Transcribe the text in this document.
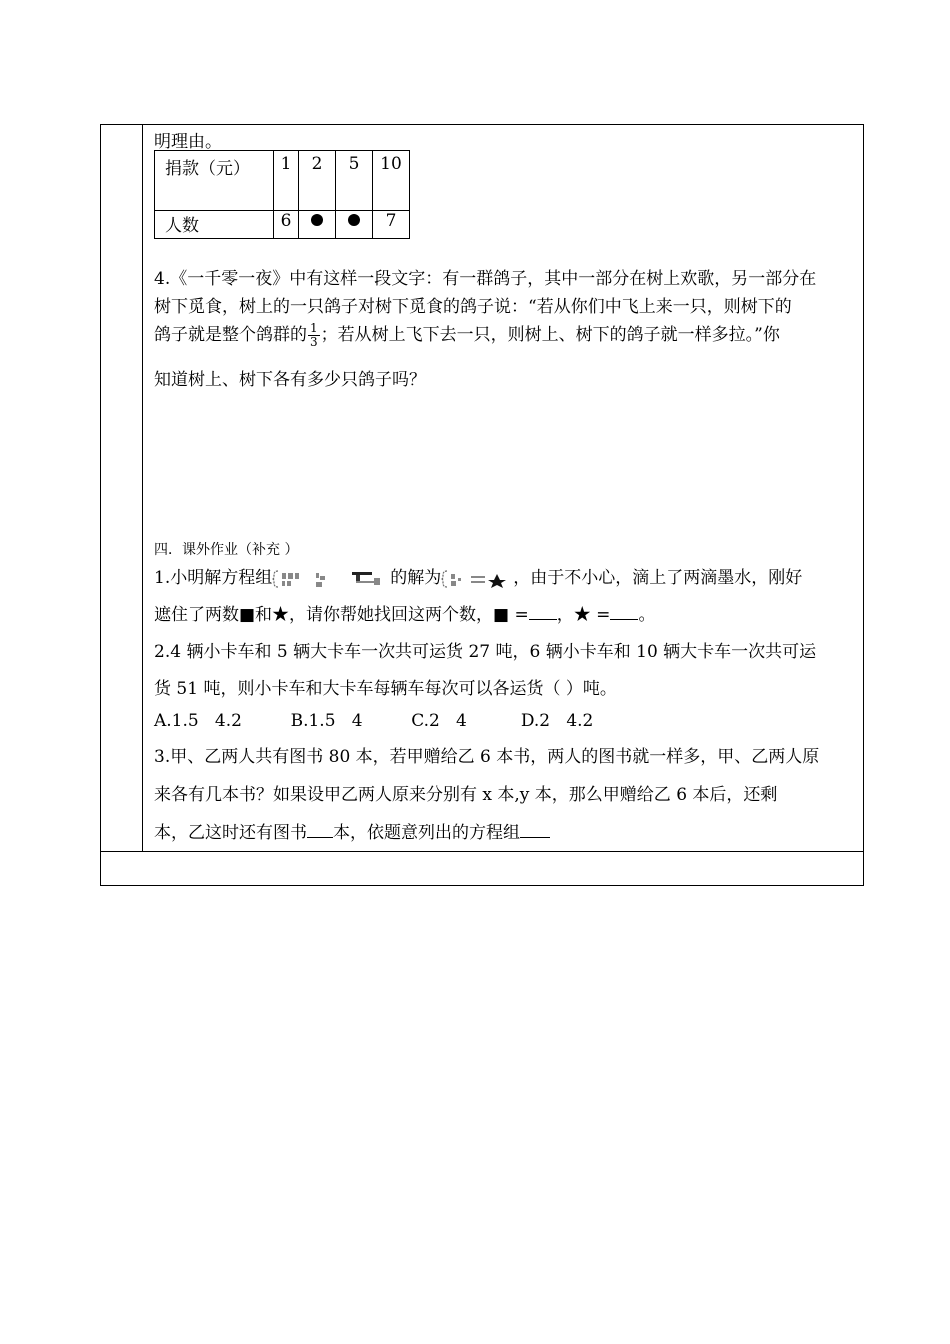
明理由。
捐款（元）	1	2	5	10
人数	6			7
4.《一千零一夜》中有这样一段文字：有一群鸽子，其中一部分在树上欢歌，另一部分在
树下觅食，树上的一只鸽子对树下觅食的鸽子说：“若从你们中飞上来一只，则树下的
鸽子就是整个鸽群的 $\frac{1}{3}$ ；若从树上飞下去一只，则树上、树下的鸽子就一样多拉。”你
知道树上、树下各有多少只鸽子吗？
四．课外作业（补充 ）
1.小明解方程组	的解为	，由于不小心，滴上了两滴墨水，刚好
遮住了两数■和★，请你帮她找回这两个数，■ = ，★ = 。
2.4 辆小卡车和 5 辆大卡车一次共可运货 27 吨，6 辆小卡车和 10 辆大卡车一次共可运
货 51 吨，则小卡车和大卡车每辆车每次可以各运货（ ）吨。
A.1.5   4.2         B.1.5   4         C.2   4          D.2   4.2
3.甲、乙两人共有图书 80 本，若甲赠给乙 6 本书，两人的图书就一样多，甲、乙两人原
来各有几本书？如果设甲乙两人原来分别有 x 本,y 本，那么甲赠给乙 6 本后，还剩
本，乙这时还有图书 本，依题意列出的方程组
